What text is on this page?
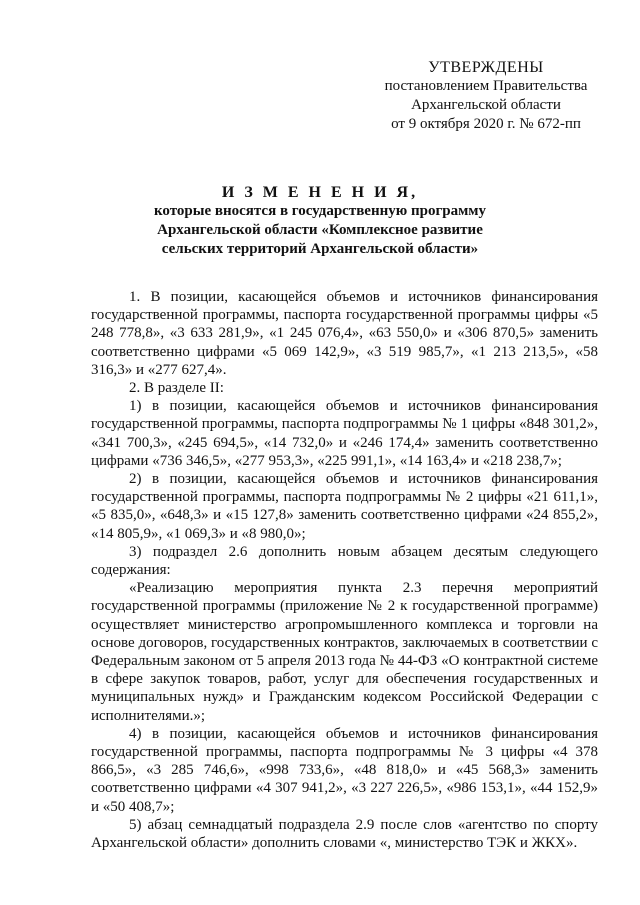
УТВЕРЖДЕНЫ
постановлением Правительства
Архангельской области
от 9 октября 2020 г. № 672-пп
И З М Е Н Е Н И Я,
которые вносятся в государственную программу
Архангельской области «Комплексное развитие
сельских территорий Архангельской области»

1. В позиции, касающейся объемов и источников финансирования государственной программы, паспорта государственной программы цифры «5 248 778,8», «3 633 281,9», «1 245 076,4», «63 550,0» и «306 870,5» заменить соответственно цифрами «5 069 142,9», «3 519 985,7», «1 213 213,5», «58 316,3» и «277 627,4».

2. В разделе II:

1) в позиции, касающейся объемов и источников финансирования государственной программы, паспорта подпрограммы № 1 цифры «848 301,2», «341 700,3», «245 694,5», «14 732,0» и «246 174,4» заменить соответственно цифрами «736 346,5», «277 953,3», «225 991,1», «14 163,4» и «218 238,7»;

2) в позиции, касающейся объемов и источников финансирования государственной программы, паспорта подпрограммы № 2 цифры «21 611,1», «5 835,0», «648,3» и «15 127,8» заменить соответственно цифрами «24 855,2», «14 805,9», «1 069,3» и «8 980,0»;

3) подраздел 2.6 дополнить новым абзацем десятым следующего содержания:

«Реализацию мероприятия пункта 2.3 перечня мероприятий государственной программы (приложение № 2 к государственной программе) осуществляет министерство агропромышленного комплекса и торговли на основе договоров, государственных контрактов, заключаемых в соответствии с Федеральным законом от 5 апреля 2013 года № 44-ФЗ «О контрактной системе в сфере закупок товаров, работ, услуг для обеспечения государственных и муниципальных нужд» и Гражданским кодексом Российской Федерации с исполнителями.»;

4) в позиции, касающейся объемов и источников финансирования государственной программы, паспорта подпрограммы № 3 цифры «4 378 866,5», «3 285 746,6», «998 733,6», «48 818,0» и «45 568,3» заменить соответственно цифрами «4 307 941,2», «3 227 226,5», «986 153,1», «44 152,9» и «50 408,7»;

5) абзац семнадцатый подраздела 2.9 после слов «агентство по спорту Архангельской области» дополнить словами «, министерство ТЭК и ЖКХ».
